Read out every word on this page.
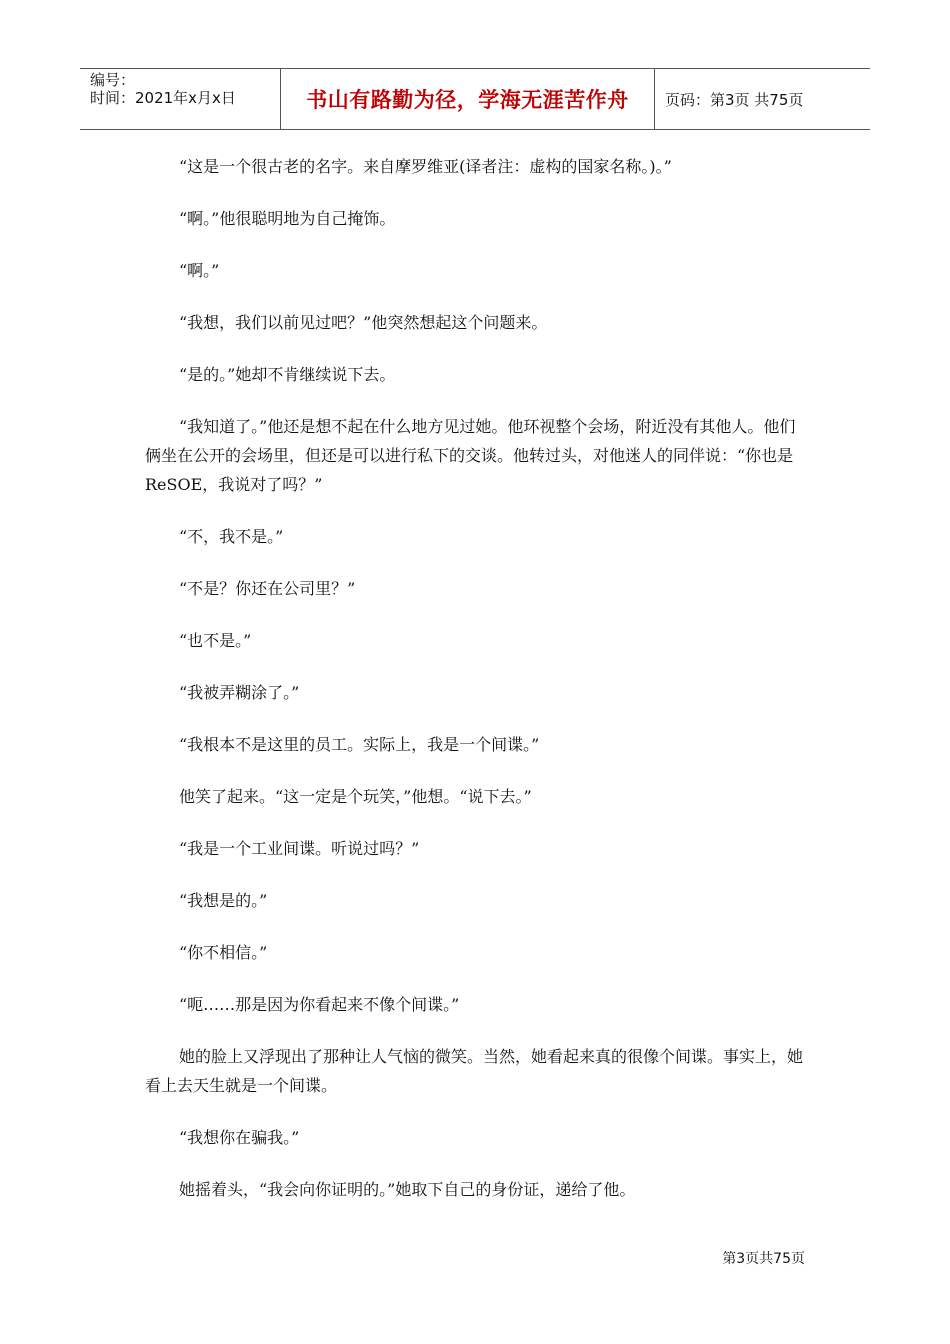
编号：
时间：2021年x月x日	书山有路勤为径，学海无涯苦作舟	页码：第3页 共75页

“这是一个很古老的名字。来自摩罗维亚(译者注：虚构的国家名称。)。”

“啊。”他很聪明地为自己掩饰。

“啊。”

“我想，我们以前见过吧？”他突然想起这个问题来。

“是的。”她却不肯继续说下去。

“我知道了。”他还是想不起在什么地方见过她。他环视整个会场，附近没有其他人。他们俩坐在公开的会场里，但还是可以进行私下的交谈。他转过头，对他迷人的同伴说：“你也是ReSOE，我说对了吗？”

“不，我不是。”

“不是？你还在公司里？”

“也不是。”

“我被弄糊涂了。”

“我根本不是这里的员工。实际上，我是一个间谍。”

他笑了起来。“这一定是个玩笑，”他想。“说下去。”

“我是一个工业间谍。听说过吗？”

“我想是的。”

“你不相信。”

“呃……那是因为你看起来不像个间谍。”

她的脸上又浮现出了那种让人气恼的微笑。当然，她看起来真的很像个间谍。事实上，她看上去天生就是一个间谍。

“我想你在骗我。”

她摇着头，“我会向你证明的。”她取下自己的身份证，递给了他。

第3页共75页
